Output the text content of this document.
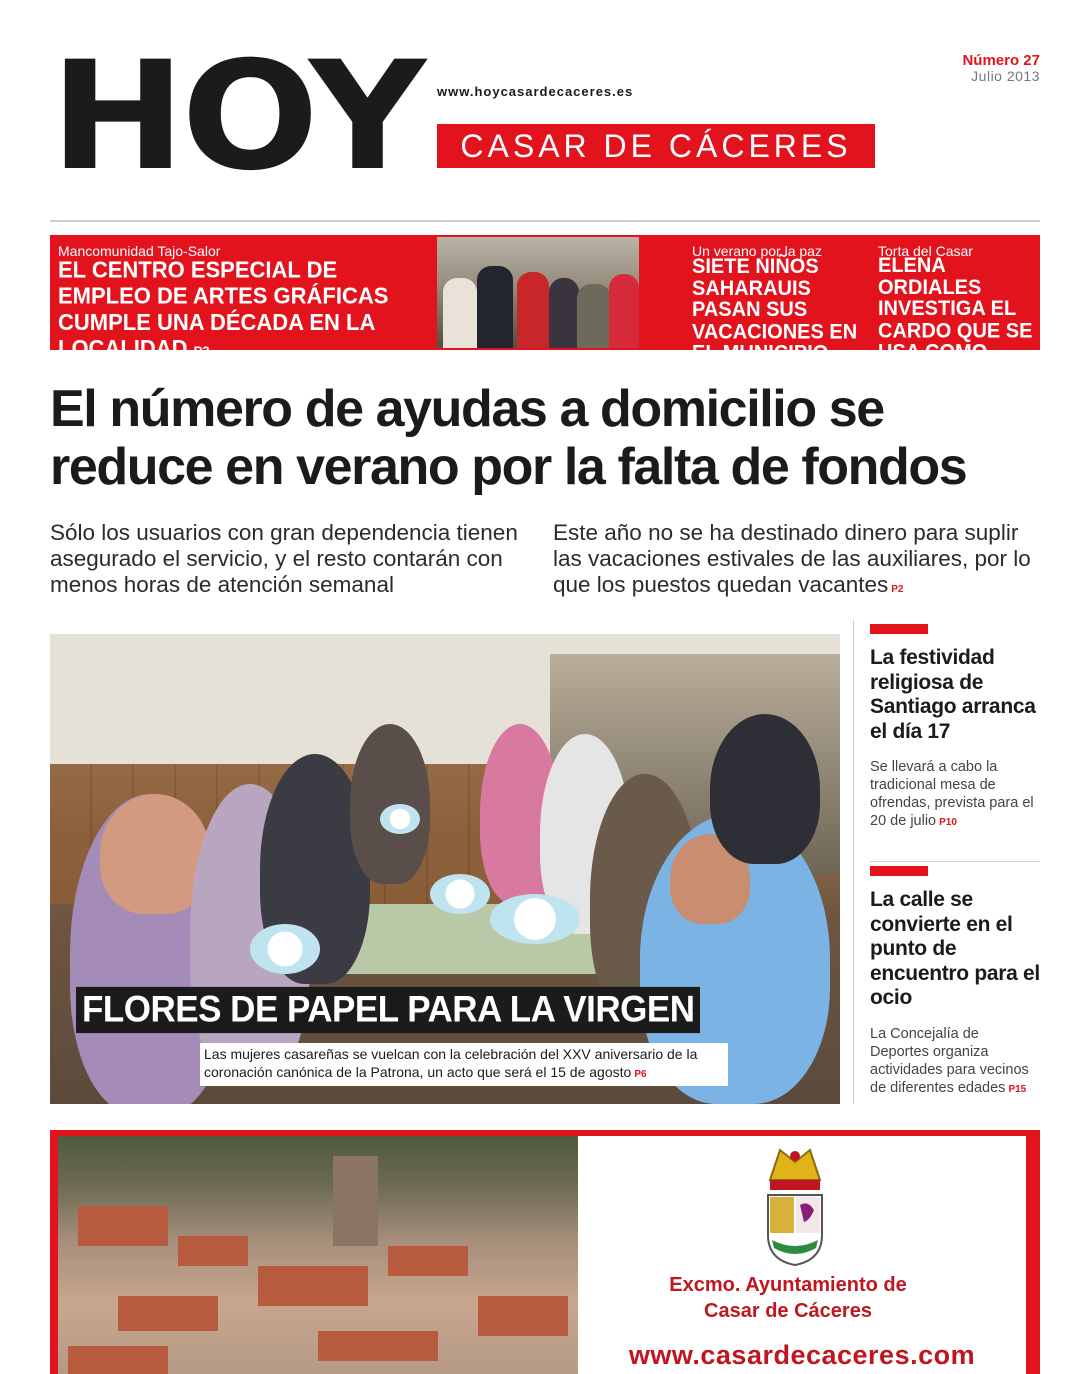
HOY www.hoycasardecaceres.es
CASAR DE CÁCERES
Número 27
Julio 2013
Mancomunidad Tajo-Salor
EL CENTRO ESPECIAL DE EMPLEO DE ARTES GRÁFICAS CUMPLE UNA DÉCADA EN LA LOCALIDAD P3
Un verano por la paz
SIETE NIÑOS SAHARAUIS PASAN SUS VACACIONES EN EL MUNICIPIO P5
Torta del Casar
ELENA ORDIALES INVESTIGA EL CARDO QUE SE USA COMO COAGULANTE P12
El número de ayudas a domicilio se reduce en verano por la falta de fondos

Sólo los usuarios con gran dependencia tienen asegurado el servicio, y el resto contarán con menos horas de atención semanal

Este año no se ha destinado dinero para suplir las vacaciones estivales de las auxiliares, por lo que los puestos quedan vacantes P2

FLORES DE PAPEL PARA LA VIRGEN
Las mujeres casareñas se vuelcan con la celebración del XXV aniversario de la coronación canónica de la Patrona, un acto que será el 15 de agosto P6
La festividad religiosa de Santiago arranca el día 17
Se llevará a cabo la tradicional mesa de ofrendas, prevista para el 20 de julio P10
La calle se convierte en el punto de encuentro para el ocio
La Concejalía de Deportes organiza actividades para vecinos de diferentes edades P15
Excmo. Ayuntamiento de
Casar de Cáceres
www.casardecaceres.com
